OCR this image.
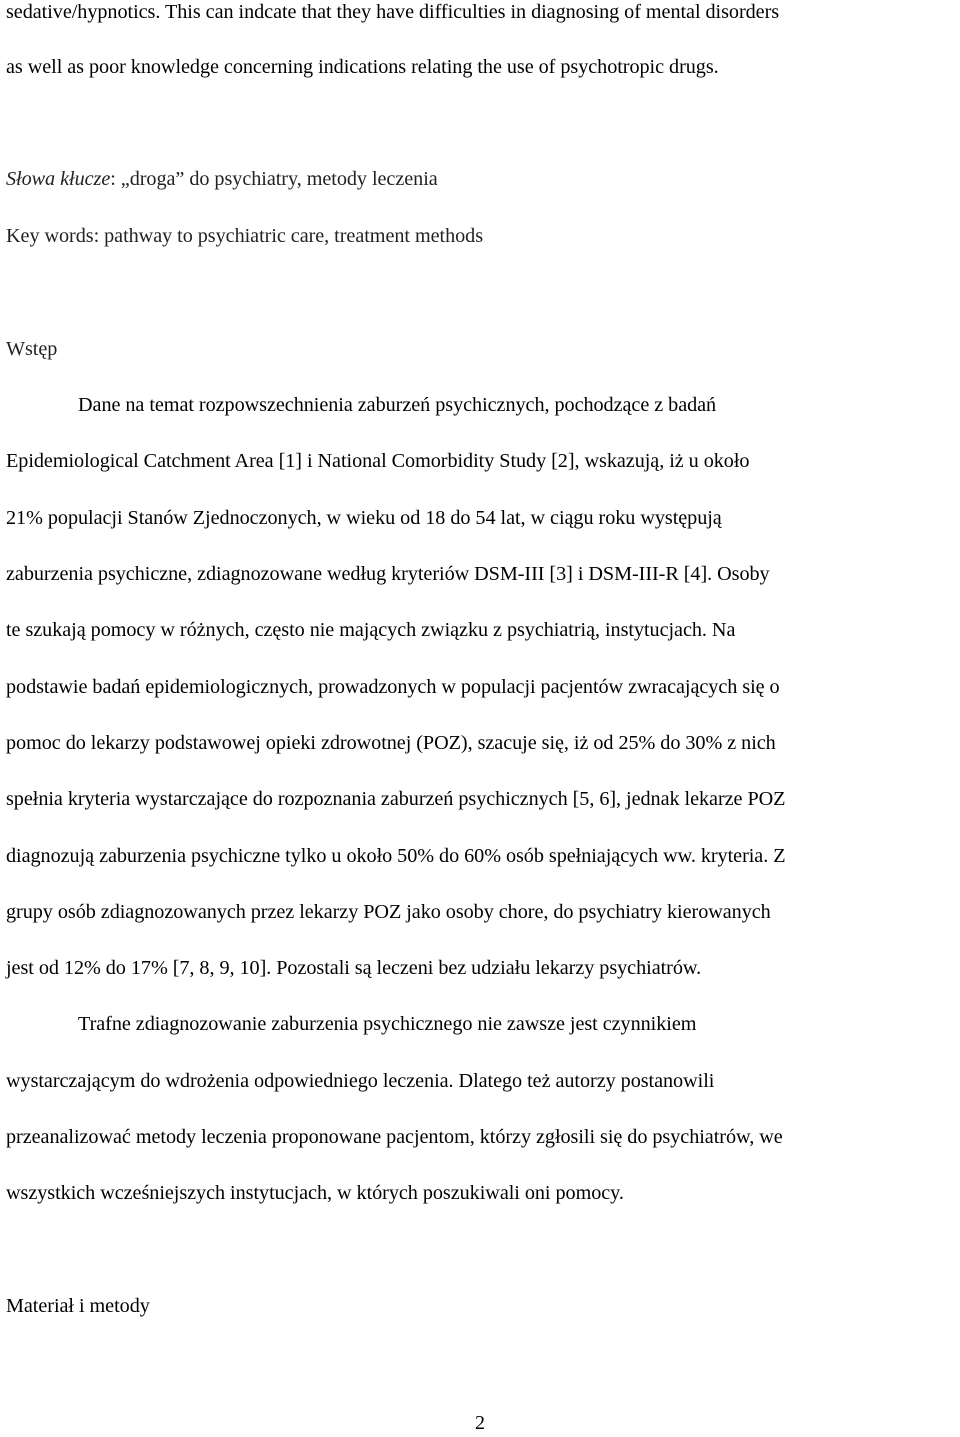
sedative/hypnotics. This can indcate that they have difficulties in diagnosing of mental disorders
as well as poor knowledge concerning indications relating the use of psychotropic drugs.
Słowa kłucze: „droga” do psychiatry, metody leczenia
Key words: pathway to psychiatric care, treatment methods
Wstęp
Dane na temat rozpowszechnienia zaburzeń psychicznych, pochodzące z badań
Epidemiological Catchment Area [1] i National Comorbidity Study [2], wskazują, iż u około
21% populacji Stanów Zjednoczonych, w wieku od 18 do 54 lat, w ciągu roku występują
zaburzenia psychiczne, zdiagnozowane według kryteriów DSM-III [3] i DSM-III-R [4]. Osoby
te szukają pomocy w różnych, często nie mających związku z psychiatrią, instytucjach. Na
podstawie badań epidemiologicznych, prowadzonych w populacji pacjentów zwracających się o
pomoc do lekarzy podstawowej opieki zdrowotnej (POZ), szacuje się, iż od 25% do 30% z nich
spełnia kryteria wystarczające do rozpoznania zaburzeń psychicznych [5, 6], jednak lekarze POZ
diagnozują zaburzenia psychiczne tylko u około 50% do 60% osób spełniających ww. kryteria. Z
grupy osób zdiagnozowanych przez lekarzy POZ jako osoby chore, do psychiatry kierowanych
jest od 12% do 17% [7, 8, 9, 10]. Pozostali są leczeni bez udziału lekarzy psychiatrów.
Trafne zdiagnozowanie zaburzenia psychicznego nie zawsze jest czynnikiem
wystarczającym do wdrożenia odpowiedniego leczenia. Dlatego też autorzy postanowili
przeanalizować metody leczenia proponowane pacjentom, którzy zgłosili się do psychiatrów, we
wszystkich wcześniejszych instytucjach, w których poszukiwali oni pomocy.
Materiał i metody
2
